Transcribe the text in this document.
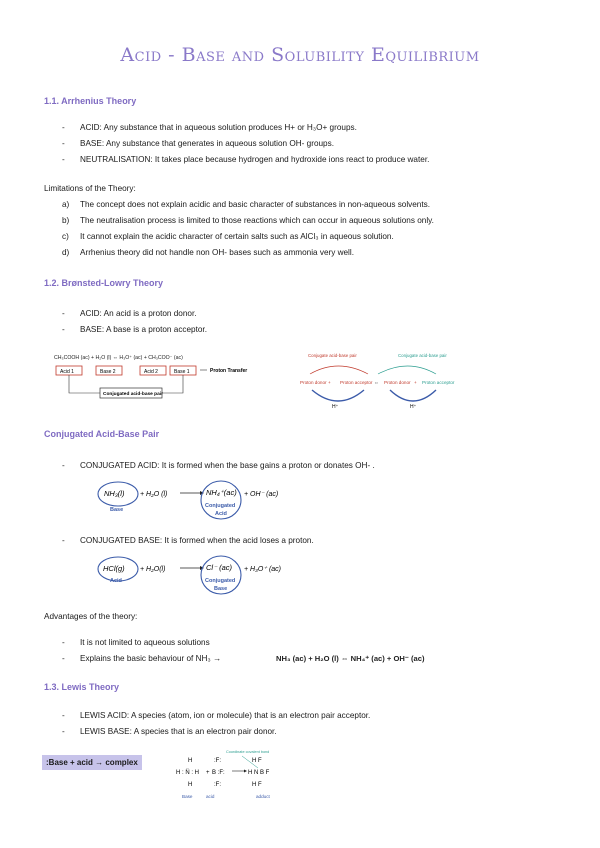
Acid - Base and Solubility Equilibrium
1.1. Arrhenius Theory
- ACID: Any substance that in aqueous solution produces H+ or H₃O+ groups.
- BASE: Any substance that generates in aqueous solution OH- groups.
- NEUTRALISATION: It takes place because hydrogen and hydroxide ions react to produce water.
Limitations of the Theory:
a) The concept does not explain acidic and basic character of substances in non-aqueous solvents.
b) The neutralisation process is limited to those reactions which can occur in aqueous solutions only.
c) It cannot explain the acidic character of certain salts such as AlCl₃ in aqueous solution.
d) Arrhenius theory did not handle non OH- bases such as ammonia very well.
1.2. Brønsted-Lowry Theory
- ACID: An acid is a proton donor.
- BASE: A base is a proton acceptor.
CH₃COOH (ac) + H₂O (l) ⇔ H₃O⁺ (ac) + CH₃COO⁻ (ac)
Acid 1	Base 2	Acid 2	Base 1	Proton Transfer
Conjugated acid-base pair
Conjugate acid-base pair	Conjugate acid-base pair
Proton donor + Proton acceptor ⇔ Proton donor + Proton acceptor
H⁺	H⁺
Conjugated Acid-Base Pair
- CONJUGATED ACID: It is formed when the base gains a proton or donates OH- .
NH₃(l)
Base
+ H₂O (l)	NH₄⁺(ac)
Conjugated
Acid
+ OH⁻ (ac)
- CONJUGATED BASE: It is formed when the acid loses a proton.
HCl(g)
Acid
+ H₂O(l)	Cl⁻ (ac)
Conjugated
Base
+ H₃O⁺ (ac)
Advantages of the theory:
- It is not limited to aqueous solutions
- Explains the basic behaviour of NH₃ →	NH₃ (ac) + H₂O (l) ⇔ NH₄⁺ (ac) + OH⁻ (ac)
1.3. Lewis Theory
- LEWIS ACID: A species (atom, ion or molecule) that is an electron pair acceptor.
- LEWIS BASE: A species that is an electron pair donor.
:Base + acid → complex
Coordinate covalent bond
H : N̈ : H
H
H
+ B :F:
:F:
:F:
H N B F
H F
H F
Base	acid	adduct
